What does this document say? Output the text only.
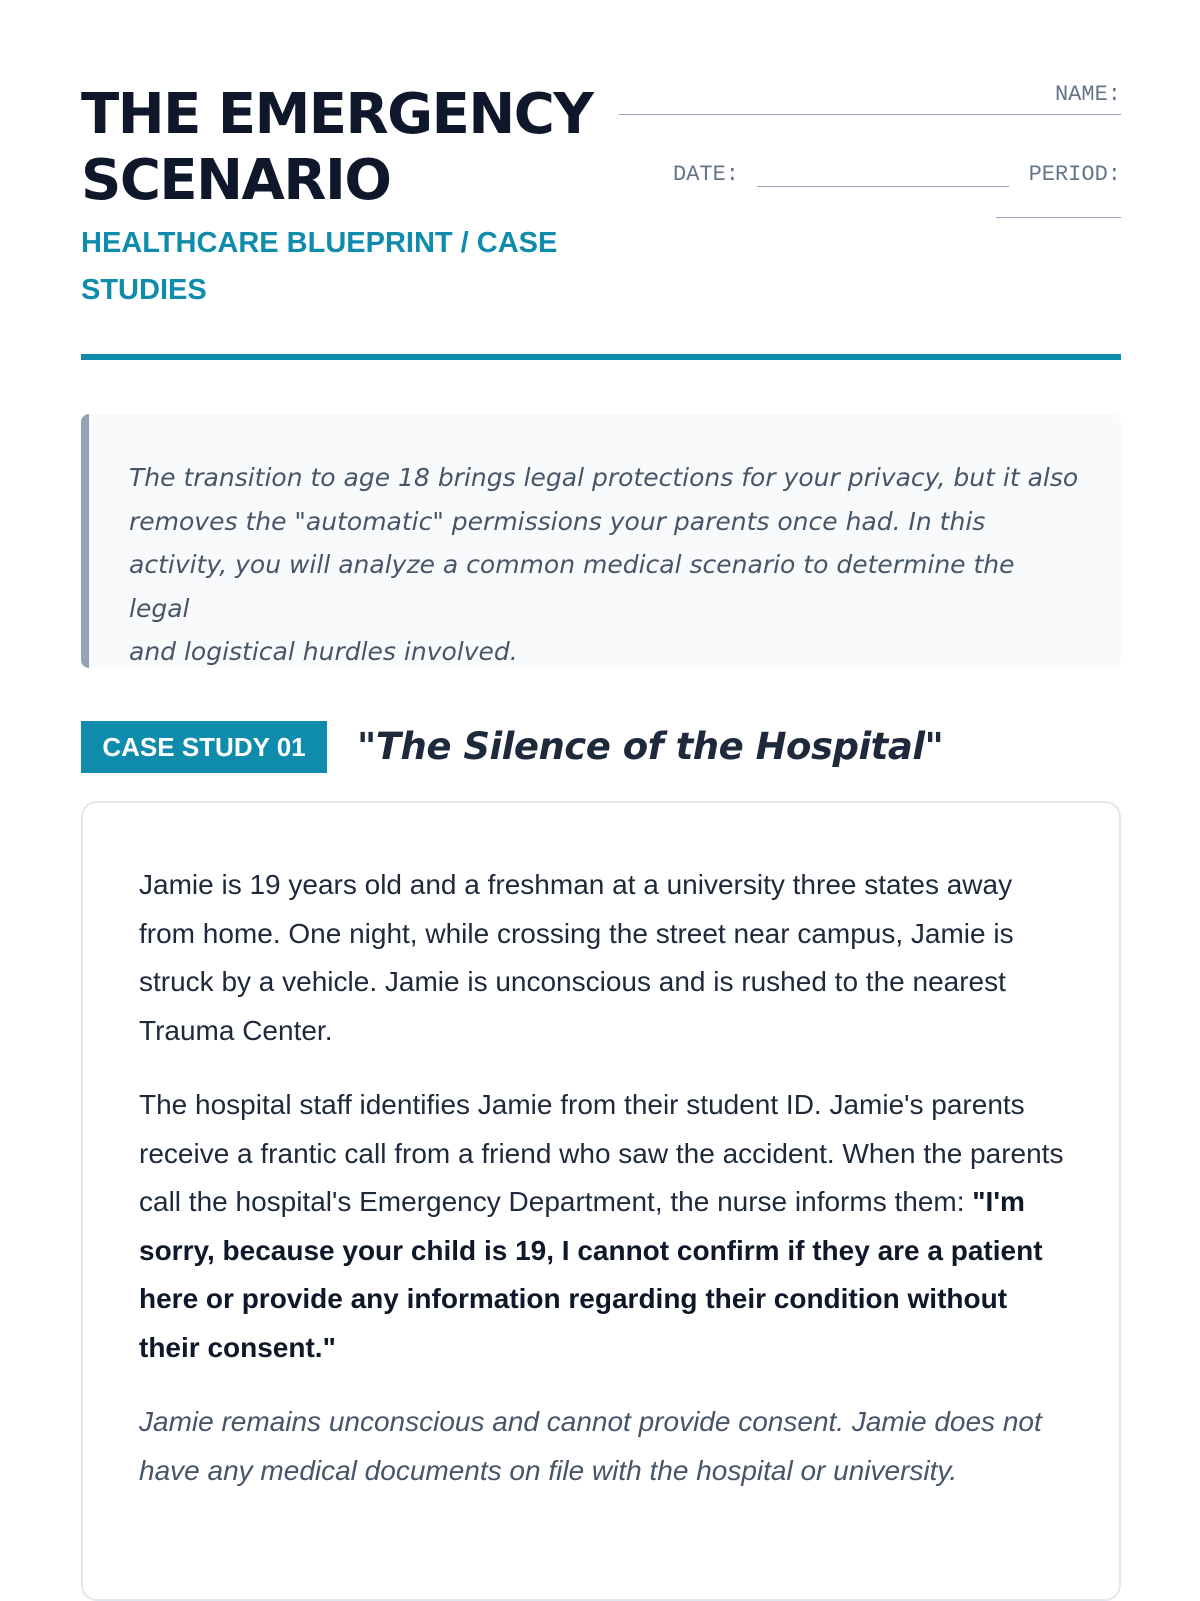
THE EMERGENCY
SCENARIO
HEALTHCARE BLUEPRINT / CASE
STUDIES
NAME:
DATE:	PERIOD:

The transition to age 18 brings legal protections for your privacy, but it also
removes the "automatic" permissions your parents once had. In this
activity, you will analyze a common medical scenario to determine the legal
and logistical hurdles involved.

CASE STUDY 01	"The Silence of the Hospital"

Jamie is 19 years old and a freshman at a university three states away from home. One night, while crossing the street near campus, Jamie is struck by a vehicle. Jamie is unconscious and is rushed to the nearest Trauma Center.

The hospital staff identifies Jamie from their student ID. Jamie's parents receive a frantic call from a friend who saw the accident. When the parents call the hospital's Emergency Department, the nurse informs them: "I'm sorry, because your child is 19, I cannot confirm if they are a patient here or provide any information regarding their condition without their consent."

Jamie remains unconscious and cannot provide consent. Jamie does not have any medical documents on file with the hospital or university.
